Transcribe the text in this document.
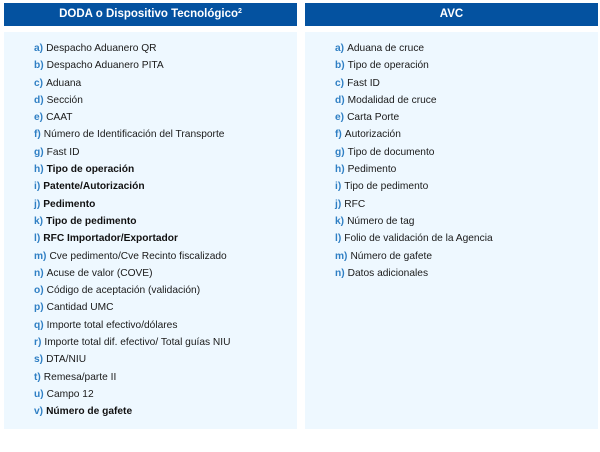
DODA o Dispositivo Tecnológico$^2$
a) Despacho Aduanero QR
b) Despacho Aduanero PITA
c) Aduana
d) Sección
e) CAAT
f) Número de Identificación del Transporte
g) Fast ID
h) Tipo de operación
i) Patente/Autorización
j) Pedimento
k) Tipo de pedimento
l) RFC Importador/Exportador
m) Cve pedimento/Cve Recinto fiscalizado
n) Acuse de valor (COVE)
o) Código de aceptación (validación)
p) Cantidad UMC
q) Importe total efectivo/dólares
r) Importe total dif. efectivo/ Total guías NIU
s) DTA/NIU
t) Remesa/parte II
u) Campo 12
v) Número de gafete
AVC
a) Aduana de cruce
b) Tipo de operación
c) Fast ID
d) Modalidad de cruce
e) Carta Porte
f) Autorización
g) Tipo de documento
h) Pedimento
i) Tipo de pedimento
j) RFC
k) Número de tag
l) Folio de validación de la Agencia
m) Número de gafete
n) Datos adicionales
